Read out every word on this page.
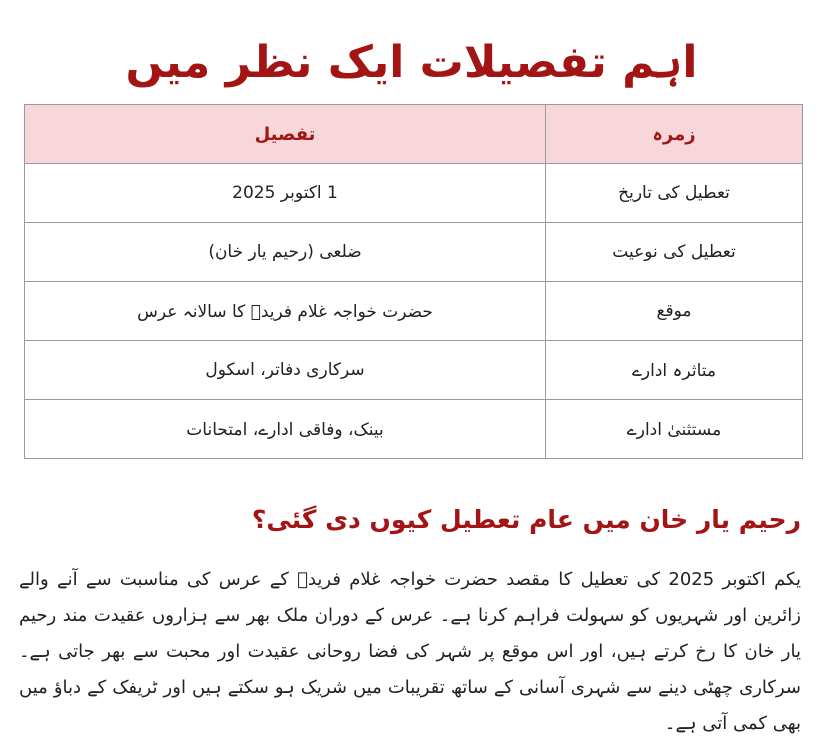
اہم تفصیلات ایک نظر میں
زمرہ	تفصیل
تعطیل کی تاریخ	1 اکتوبر 2025
تعطیل کی نوعیت	ضلعی (رحیم یار خان)
موقع	حضرت خواجہ غلام فریدؒ کا سالانہ عرس
متاثرہ ادارے	سرکاری دفاتر، اسکول
مستثنیٰ ادارے	بینک، وفاقی ادارے، امتحانات
رحیم یار خان میں عام تعطیل کیوں دی گئی؟

یکم اکتوبر 2025 کی تعطیل کا مقصد حضرت خواجہ غلام فریدؒ کے عرس کی مناسبت سے آنے والے زائرین اور شہریوں کو سہولت فراہم کرنا ہے۔ عرس کے دوران ملک بھر سے ہزاروں عقیدت مند رحیم یار خان کا رخ کرتے ہیں، اور اس موقع پر شہر کی فضا روحانی عقیدت اور محبت سے بھر جاتی ہے۔ سرکاری چھٹی دینے سے شہری آسانی کے ساتھ تقریبات میں شریک ہو سکتے ہیں اور ٹریفک کے دباؤ میں بھی کمی آتی ہے۔
